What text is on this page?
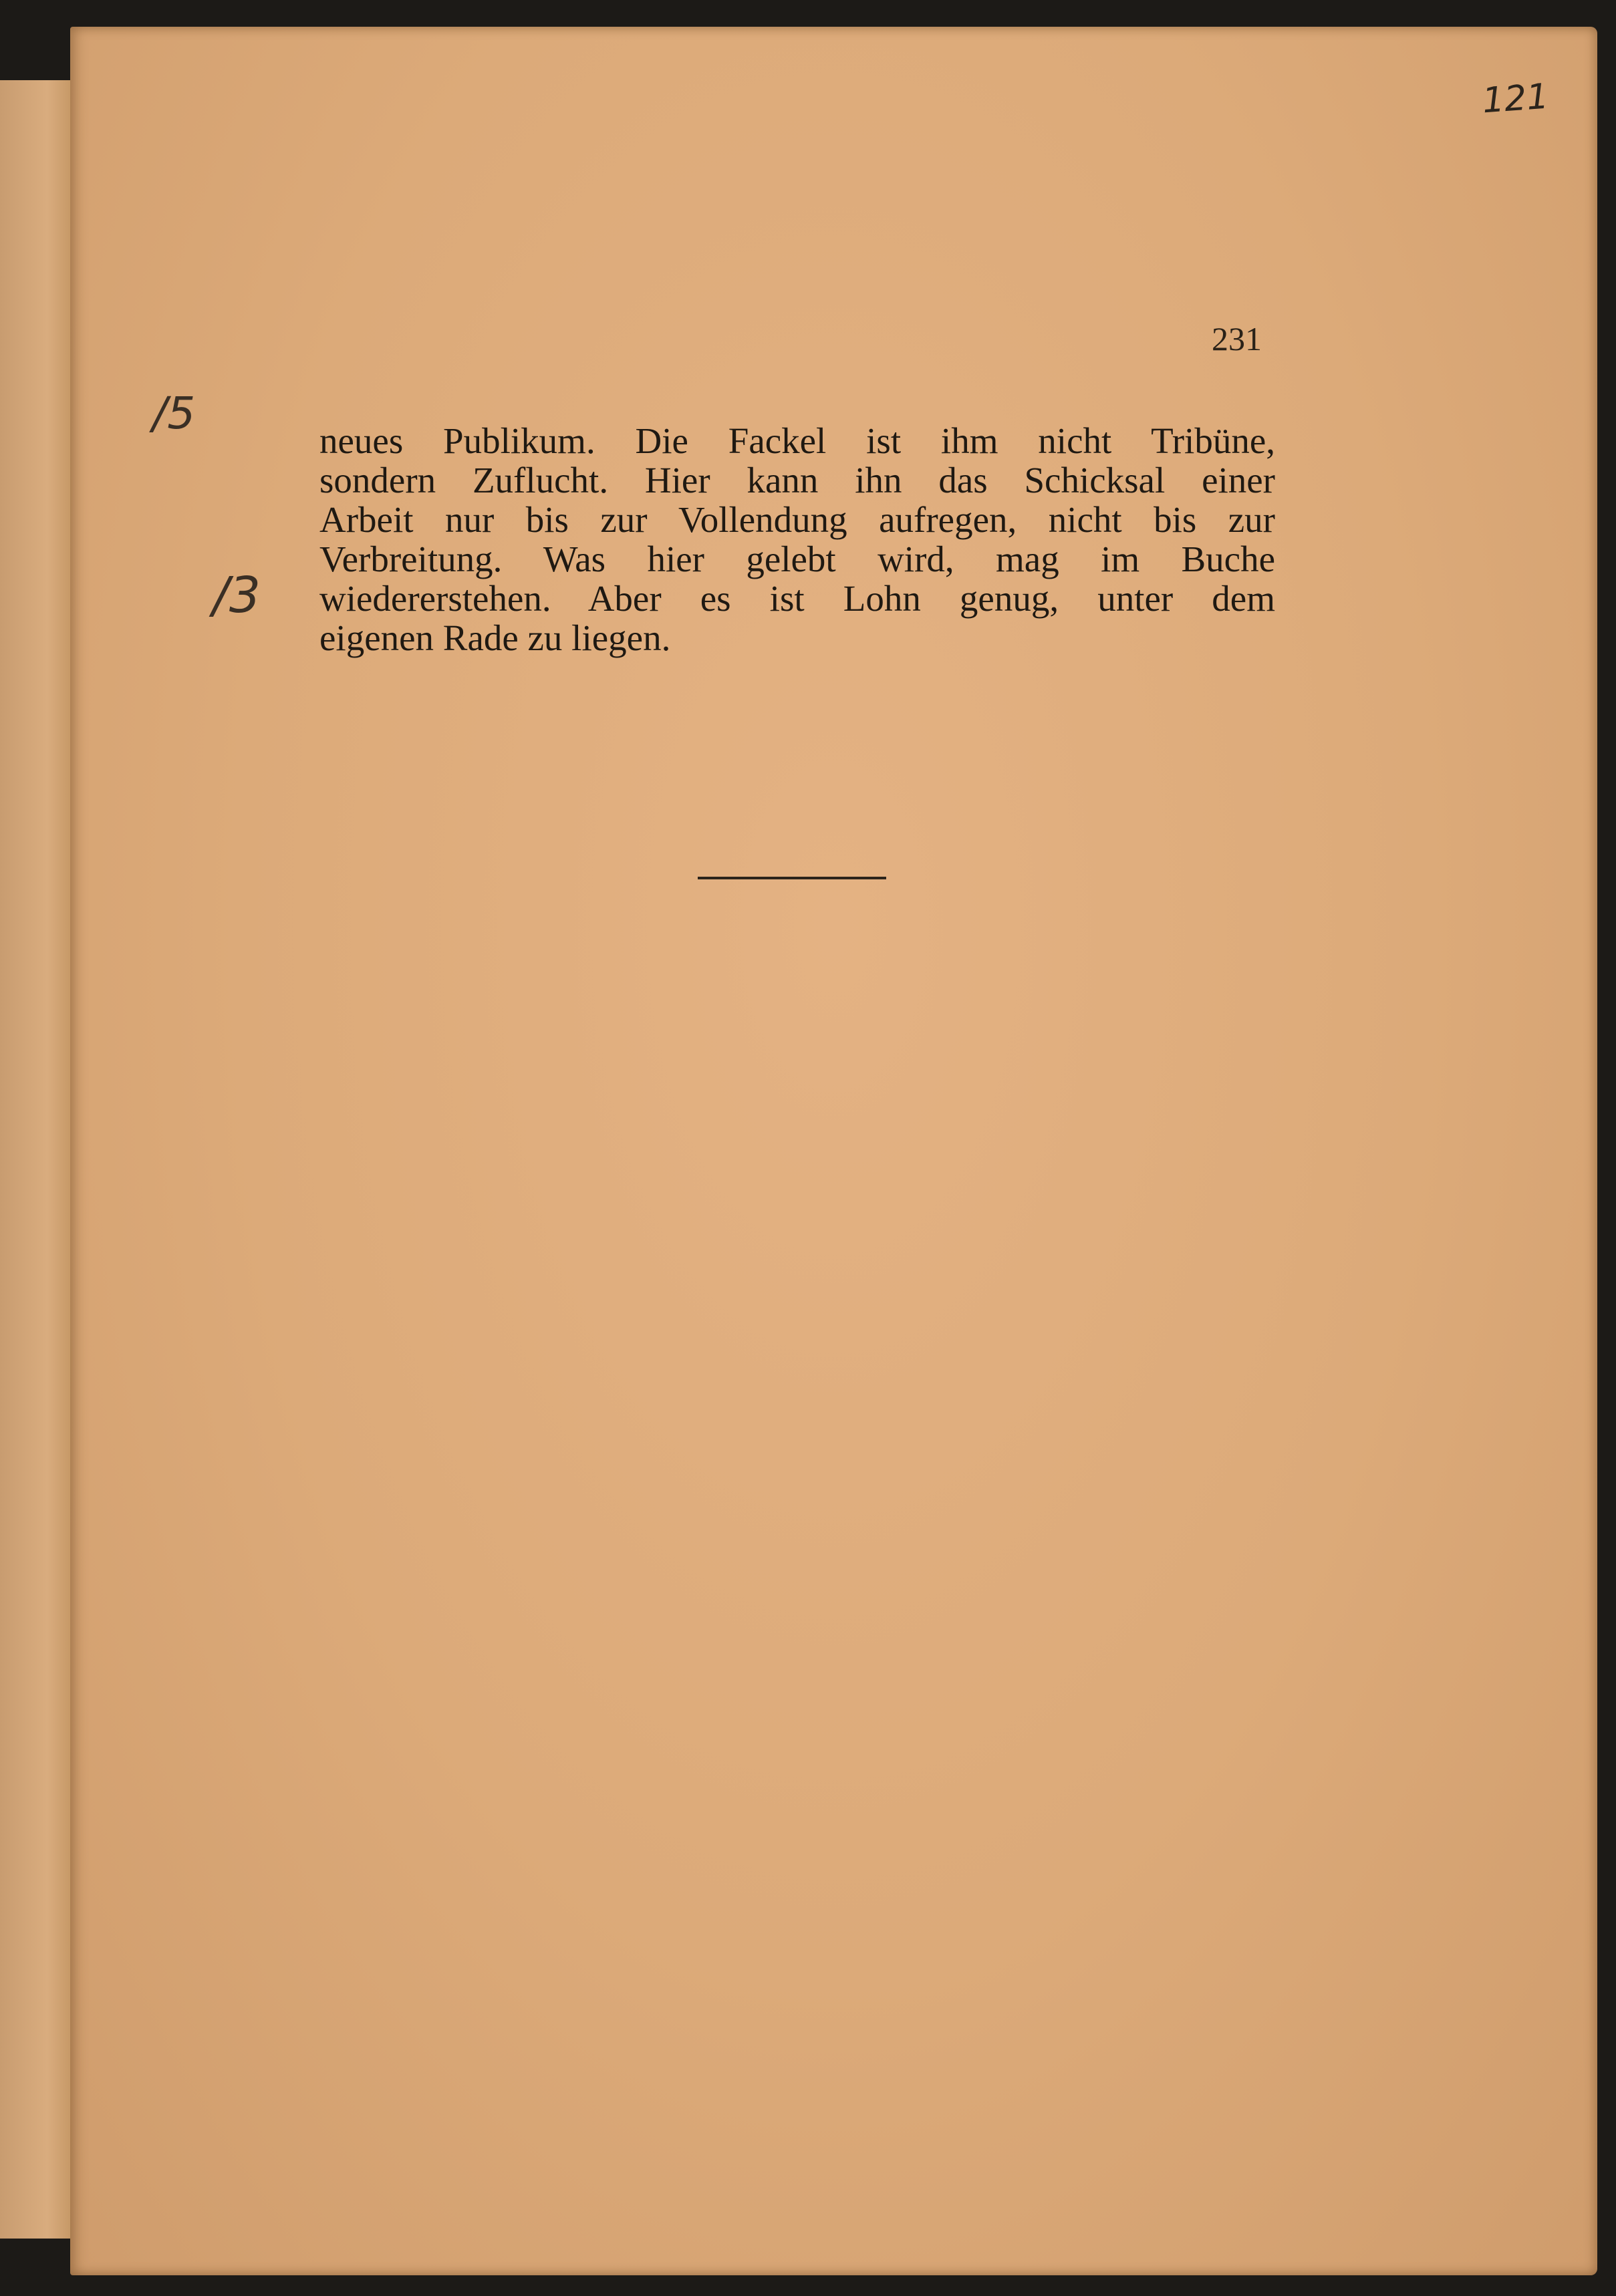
121
231
/5
/3
neues Publikum. Die Fackel ist ihm nicht Tribüne,
sondern Zuflucht. Hier kann ihn das Schicksal einer
Arbeit nur bis zur Vollendung aufregen, nicht bis zur
Verbreitung. Was hier gelebt wird, mag im Buche
wiedererstehen. Aber es ist Lohn genug, unter dem
eigenen Rade zu liegen.
